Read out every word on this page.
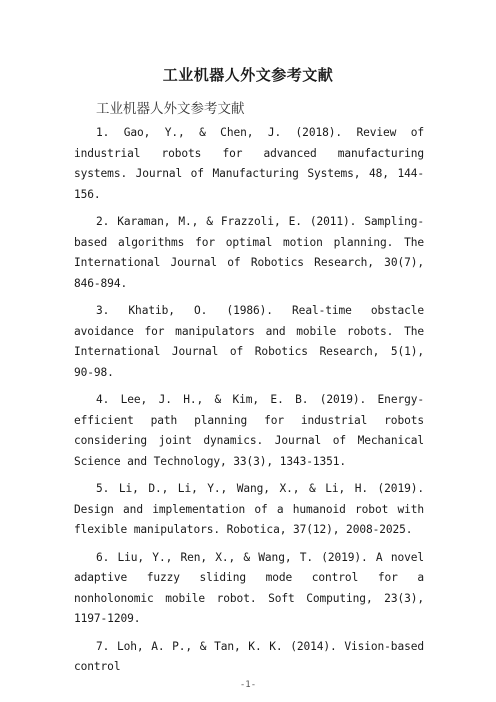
工业机器人外文参考文献
工业机器人外文参考文献

1. Gao, Y., & Chen, J. (2018). Review of industrial robots for advanced manufacturing systems. Journal of Manufacturing Systems, 48, 144-156.

2. Karaman, M., & Frazzoli, E. (2011). Sampling-based algorithms for optimal motion planning. The International Journal of Robotics Research, 30(7), 846-894.

3. Khatib, O. (1986). Real-time obstacle avoidance for manipulators and mobile robots. The International Journal of Robotics Research, 5(1), 90-98.

4. Lee, J. H., & Kim, E. B. (2019). Energy-efficient path planning for industrial robots considering joint dynamics. Journal of Mechanical Science and Technology, 33(3), 1343-1351.

5. Li, D., Li, Y., Wang, X., & Li, H. (2019). Design and implementation of a humanoid robot with flexible manipulators. Robotica, 37(12), 2008-2025.

6. Liu, Y., Ren, X., & Wang, T. (2019). A novel adaptive fuzzy sliding mode control for a nonholonomic mobile robot. Soft Computing, 23(3), 1197-1209.

7. Loh, A. P., & Tan, K. K. (2014). Vision-based control

-1-
